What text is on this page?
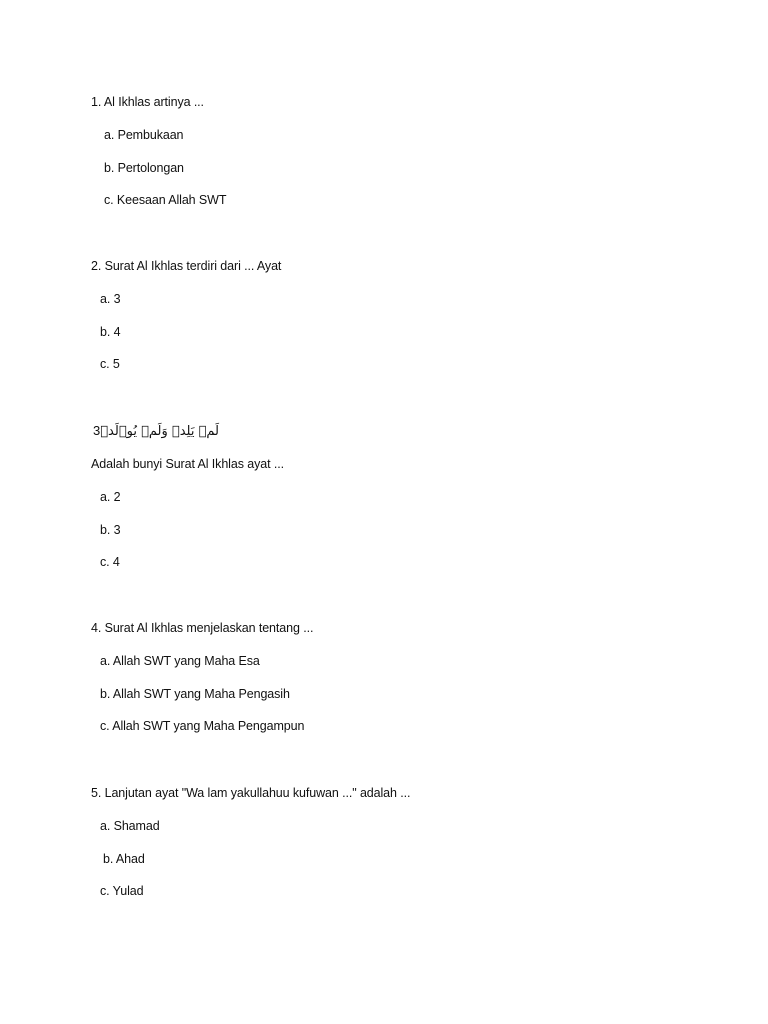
1. Al Ikhlas artinya ...
a. Pembukaan
b. Pertolongan
c. Keesaan Allah SWT
2. Surat Al Ikhlas terdiri dari ... Ayat
a. 3
b. 4
c. 5
3لَمۡ يَلِدۡ وَلَمۡ يُوۡلَدۡ
Adalah bunyi Surat Al Ikhlas ayat ...
a. 2
b. 3
c. 4
4. Surat Al Ikhlas menjelaskan tentang ...
a. Allah SWT yang Maha Esa
b. Allah SWT yang Maha Pengasih
c. Allah SWT yang Maha Pengampun
5. Lanjutan ayat "Wa lam yakullahuu kufuwan ..." adalah ...
a. Shamad
b. Ahad
c. Yulad
